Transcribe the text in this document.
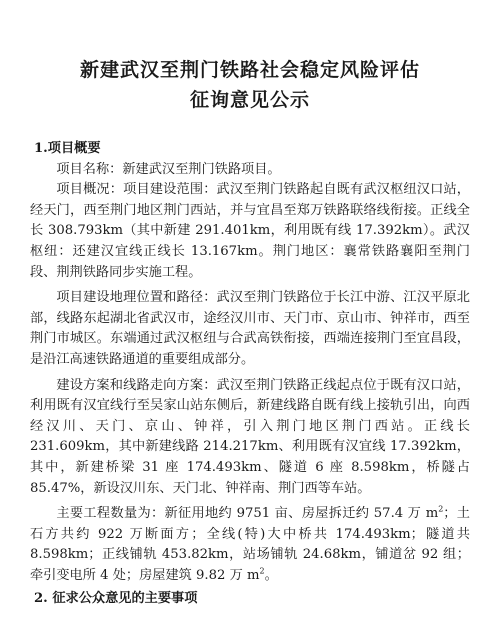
新建武汉至荆门铁路社会稳定风险评估
征询意见公示
1.项目概要

项目名称：新建武汉至荆门铁路项目。

项目概况：项目建设范围：武汉至荆门铁路起自既有武汉枢纽汉口站，经天门，西至荆门地区荆门西站，并与宜昌至郑万铁路联络线衔接。正线全长 308.793km（其中新建 291.401km，利用既有线 17.392km）。武汉枢纽：还建汉宜线正线长 13.167km。荆门地区：襄常铁路襄阳至荆门段、荆荆铁路同步实施工程。

项目建设地理位置和路径：武汉至荆门铁路位于长江中游、江汉平原北部，线路东起湖北省武汉市，途经汉川市、天门市、京山市、钟祥市，西至荆门市城区。东端通过武汉枢纽与合武高铁衔接，西端连接荆门至宜昌段，是沿江高速铁路通道的重要组成部分。

建设方案和线路走向方案：武汉至荆门铁路正线起点位于既有汉口站，利用既有汉宜线行至吴家山站东侧后，新建线路自既有线上接轨引出，向西经汉川、天门、京山、钟祥，引入荆门地区荆门西站。正线长 231.609km，其中新建线路 214.217km、利用既有汉宜线 17.392km，其中，新建桥梁 31 座 174.493km、隧道 6 座 8.598km，桥隧占 85.47%，新设汉川东、天门北、钟祥南、荆门西等车站。

主要工程数量为：新征用地约 9751 亩、房屋拆迁约 57.4 万 $m^2$；土石方共约 922 万断面方；全线(特)大中桥共 174.493km；隧道共 8.598km；正线铺轨 453.82km，站场铺轨 24.68km，铺道岔 92 组；牵引变电所 4 处；房屋建筑 9.82 万 $m^2$。

2. 征求公众意见的主要事项
